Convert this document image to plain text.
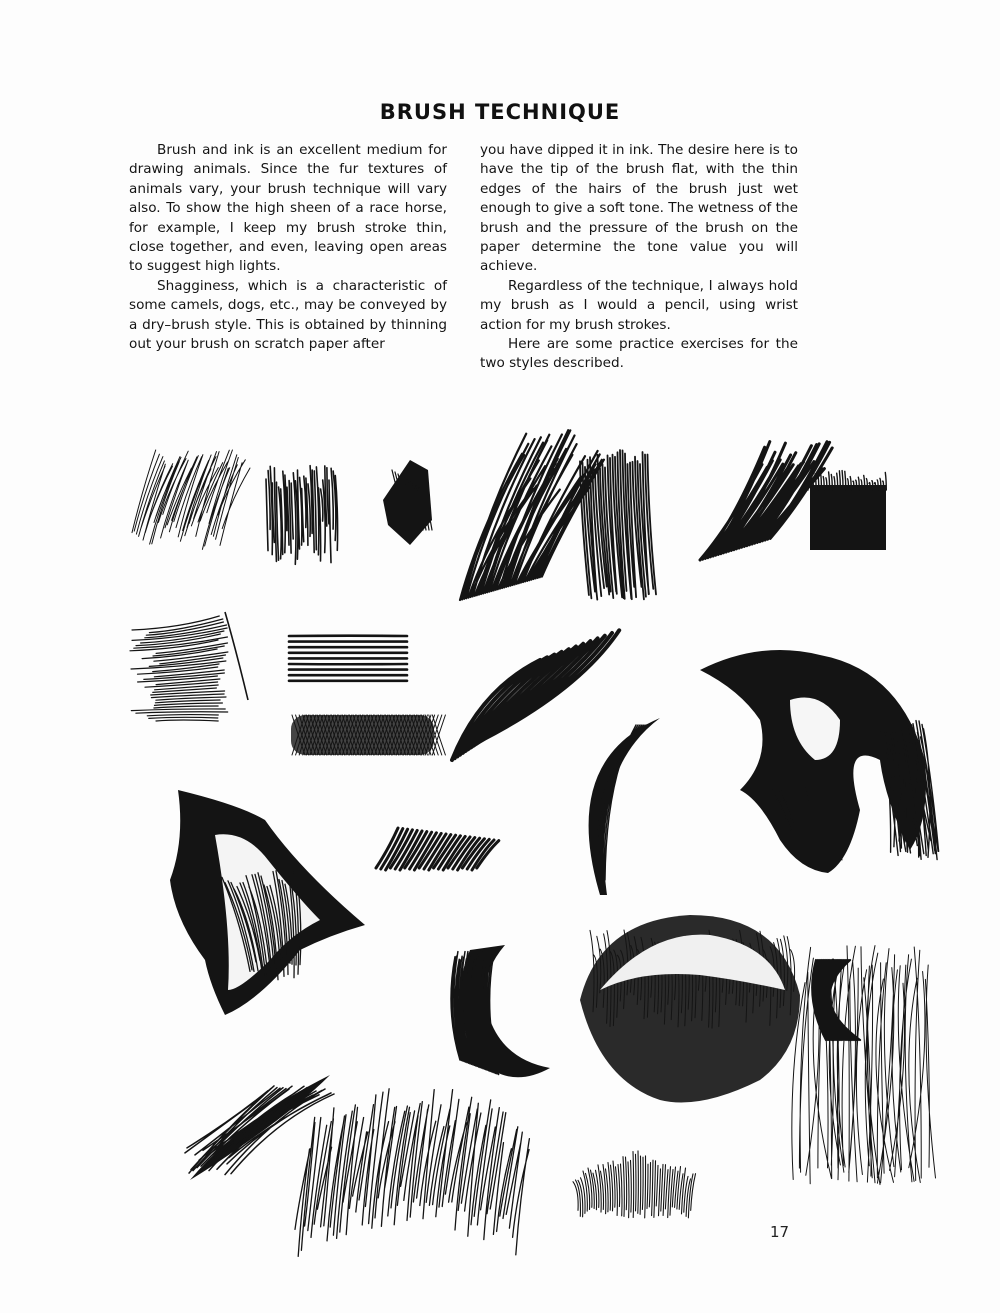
BRUSH TECHNIQUE

Brush and ink is an excellent medium for drawing animals. Since the fur textures of animals vary, your brush technique will vary also. To show the high sheen of a race horse, for example, I keep my brush stroke thin, close together, and even, leaving open areas to suggest high lights.

Shagginess, which is a characteristic of some camels, dogs, etc., may be conveyed by a dry–brush style. This is obtained by thinning out your brush on scratch paper after

you have dipped it in ink. The desire here is to have the tip of the brush flat, with the thin edges of the hairs of the brush just wet enough to give a soft tone. The wetness of the brush and the pressure of the brush on the paper determine the tone value you will achieve.

Regardless of the technique, I always hold my brush as I would a pencil, using wrist action for my brush strokes.

Here are some practice exercises for the two styles described.

17
